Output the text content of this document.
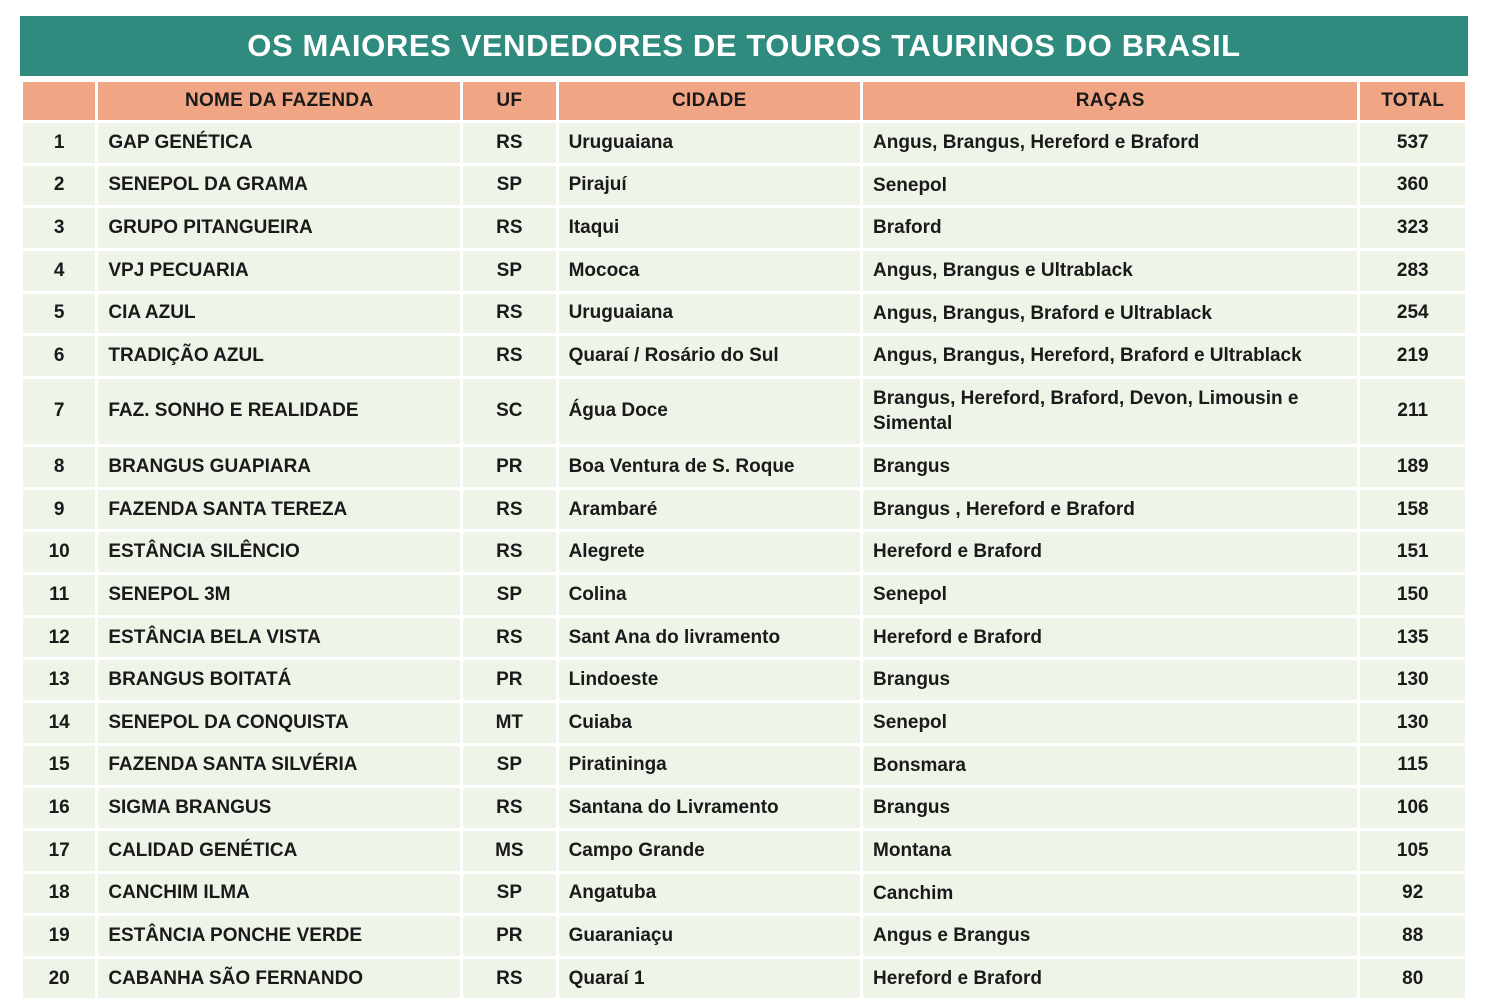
OS MAIORES VENDEDORES DE TOUROS TAURINOS DO BRASIL
	NOME DA FAZENDA	UF	CIDADE	RAÇAS	TOTAL
1	GAP GENÉTICA	RS	Uruguaiana	Angus, Brangus, Hereford e Braford	537
2	SENEPOL DA GRAMA	SP	Pirajuí	Senepol	360
3	GRUPO PITANGUEIRA	RS	Itaqui	Braford	323
4	VPJ PECUARIA	SP	Mococa	Angus, Brangus e Ultrablack	283
5	CIA AZUL	RS	Uruguaiana	Angus, Brangus, Braford e Ultrablack	254
6	TRADIÇÃO AZUL	RS	Quaraí / Rosário do Sul	Angus, Brangus, Hereford, Braford e Ultrablack	219
7	FAZ. SONHO E REALIDADE	SC	Água Doce	Brangus, Hereford, Braford, Devon, Limousin e Simental	211
8	BRANGUS GUAPIARA	PR	Boa Ventura de S. Roque	Brangus	189
9	FAZENDA SANTA TEREZA	RS	Arambaré	Brangus , Hereford e Braford	158
10	ESTÂNCIA SILÊNCIO	RS	Alegrete	Hereford e Braford	151
11	SENEPOL 3M	SP	Colina	Senepol	150
12	ESTÂNCIA BELA VISTA	RS	Sant Ana do livramento	Hereford e Braford	135
13	BRANGUS BOITATÁ	PR	Lindoeste	Brangus	130
14	SENEPOL DA CONQUISTA	MT	Cuiaba	Senepol	130
15	FAZENDA SANTA SILVÉRIA	SP	Piratininga	Bonsmara	115
16	SIGMA BRANGUS	RS	Santana do Livramento	Brangus	106
17	CALIDAD GENÉTICA	MS	Campo Grande	Montana	105
18	CANCHIM ILMA	SP	Angatuba	Canchim	92
19	ESTÂNCIA PONCHE VERDE	PR	Guaraniaçu	Angus e Brangus	88
20	CABANHA SÃO FERNANDO	RS	Quaraí 1	Hereford e Braford	80
